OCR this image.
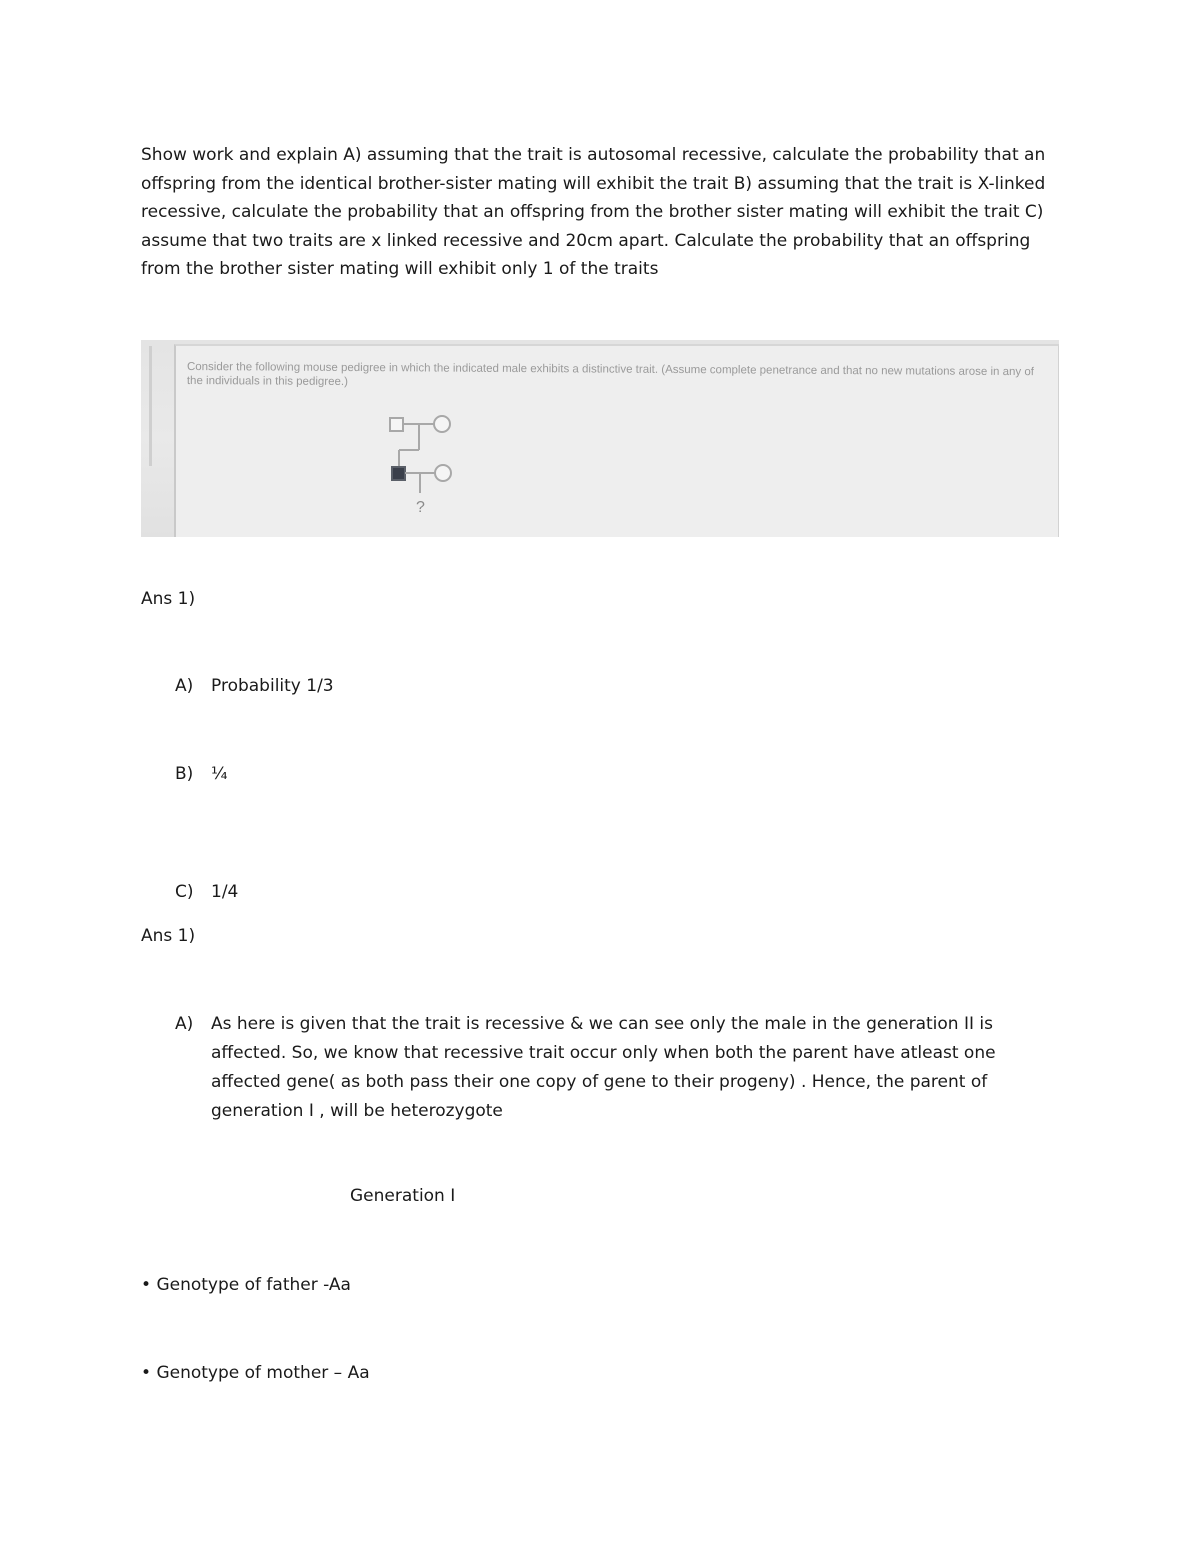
Show work and explain A) assuming that the trait is autosomal recessive, calculate the probability that an offspring from the identical brother-sister mating will exhibit the trait B) assuming that the trait is X-linked recessive, calculate the probability that an offspring from the brother sister mating will exhibit the trait C) assume that two traits are x linked recessive and 20cm apart. Calculate the probability that an offspring from the brother sister mating will exhibit only 1 of the traits
Consider the following mouse pedigree in which the indicated male exhibits a distinctive trait. (Assume complete penetrance and that no new mutations arose in any of the individuals in this pedigree.)
?
Ans 1)
A) Probability 1/3
B) ¼
C) 1/4
Ans 1)
A)	As here is given that the trait is recessive & we can see only the male in the generation II is affected. So, we know that recessive trait occur only when both the parent have atleast one affected gene( as both pass their one copy of gene to their progeny) . Hence, the parent of generation I , will be heterozygote
Generation I
• Genotype of father -Aa
• Genotype of mother – Aa
